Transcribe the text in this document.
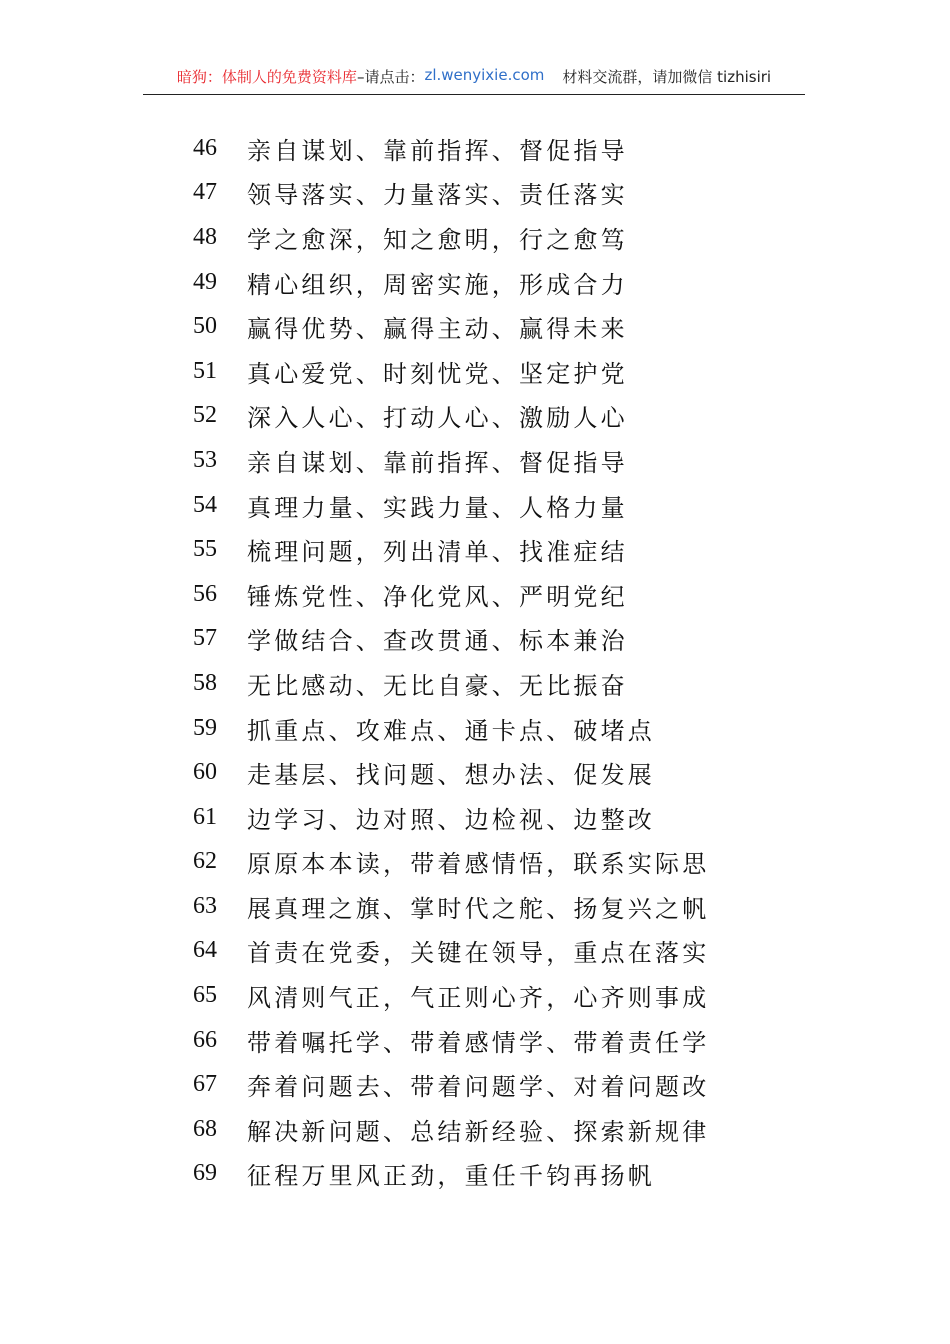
暗狗：体制人的免费资料库 –请点击： zl.wenyixie.com 材料交流群，请加微信 tizhisiri
46	亲自谋划、靠前指挥、督促指导
47	领导落实、力量落实、责任落实
48	学之愈深，知之愈明，行之愈笃
49	精心组织，周密实施，形成合力
50	赢得优势、赢得主动、赢得未来
51	真心爱党、时刻忧党、坚定护党
52	深入人心、打动人心、激励人心
53	亲自谋划、靠前指挥、督促指导
54	真理力量、实践力量、人格力量
55	梳理问题，列出清单、找准症结
56	锤炼党性、净化党风、严明党纪
57	学做结合、查改贯通、标本兼治
58	无比感动、无比自豪、无比振奋
59	抓重点、攻难点、通卡点、破堵点
60	走基层、找问题、想办法、促发展
61	边学习、边对照、边检视、边整改
62	原原本本读，带着感情悟，联系实际思
63	展真理之旗、掌时代之舵、扬复兴之帆
64	首责在党委，关键在领导，重点在落实
65	风清则气正，气正则心齐，心齐则事成
66	带着嘱托学、带着感情学、带着责任学
67	奔着问题去、带着问题学、对着问题改
68	解决新问题、总结新经验、探索新规律
69	征程万里风正劲，重任千钧再扬帆
